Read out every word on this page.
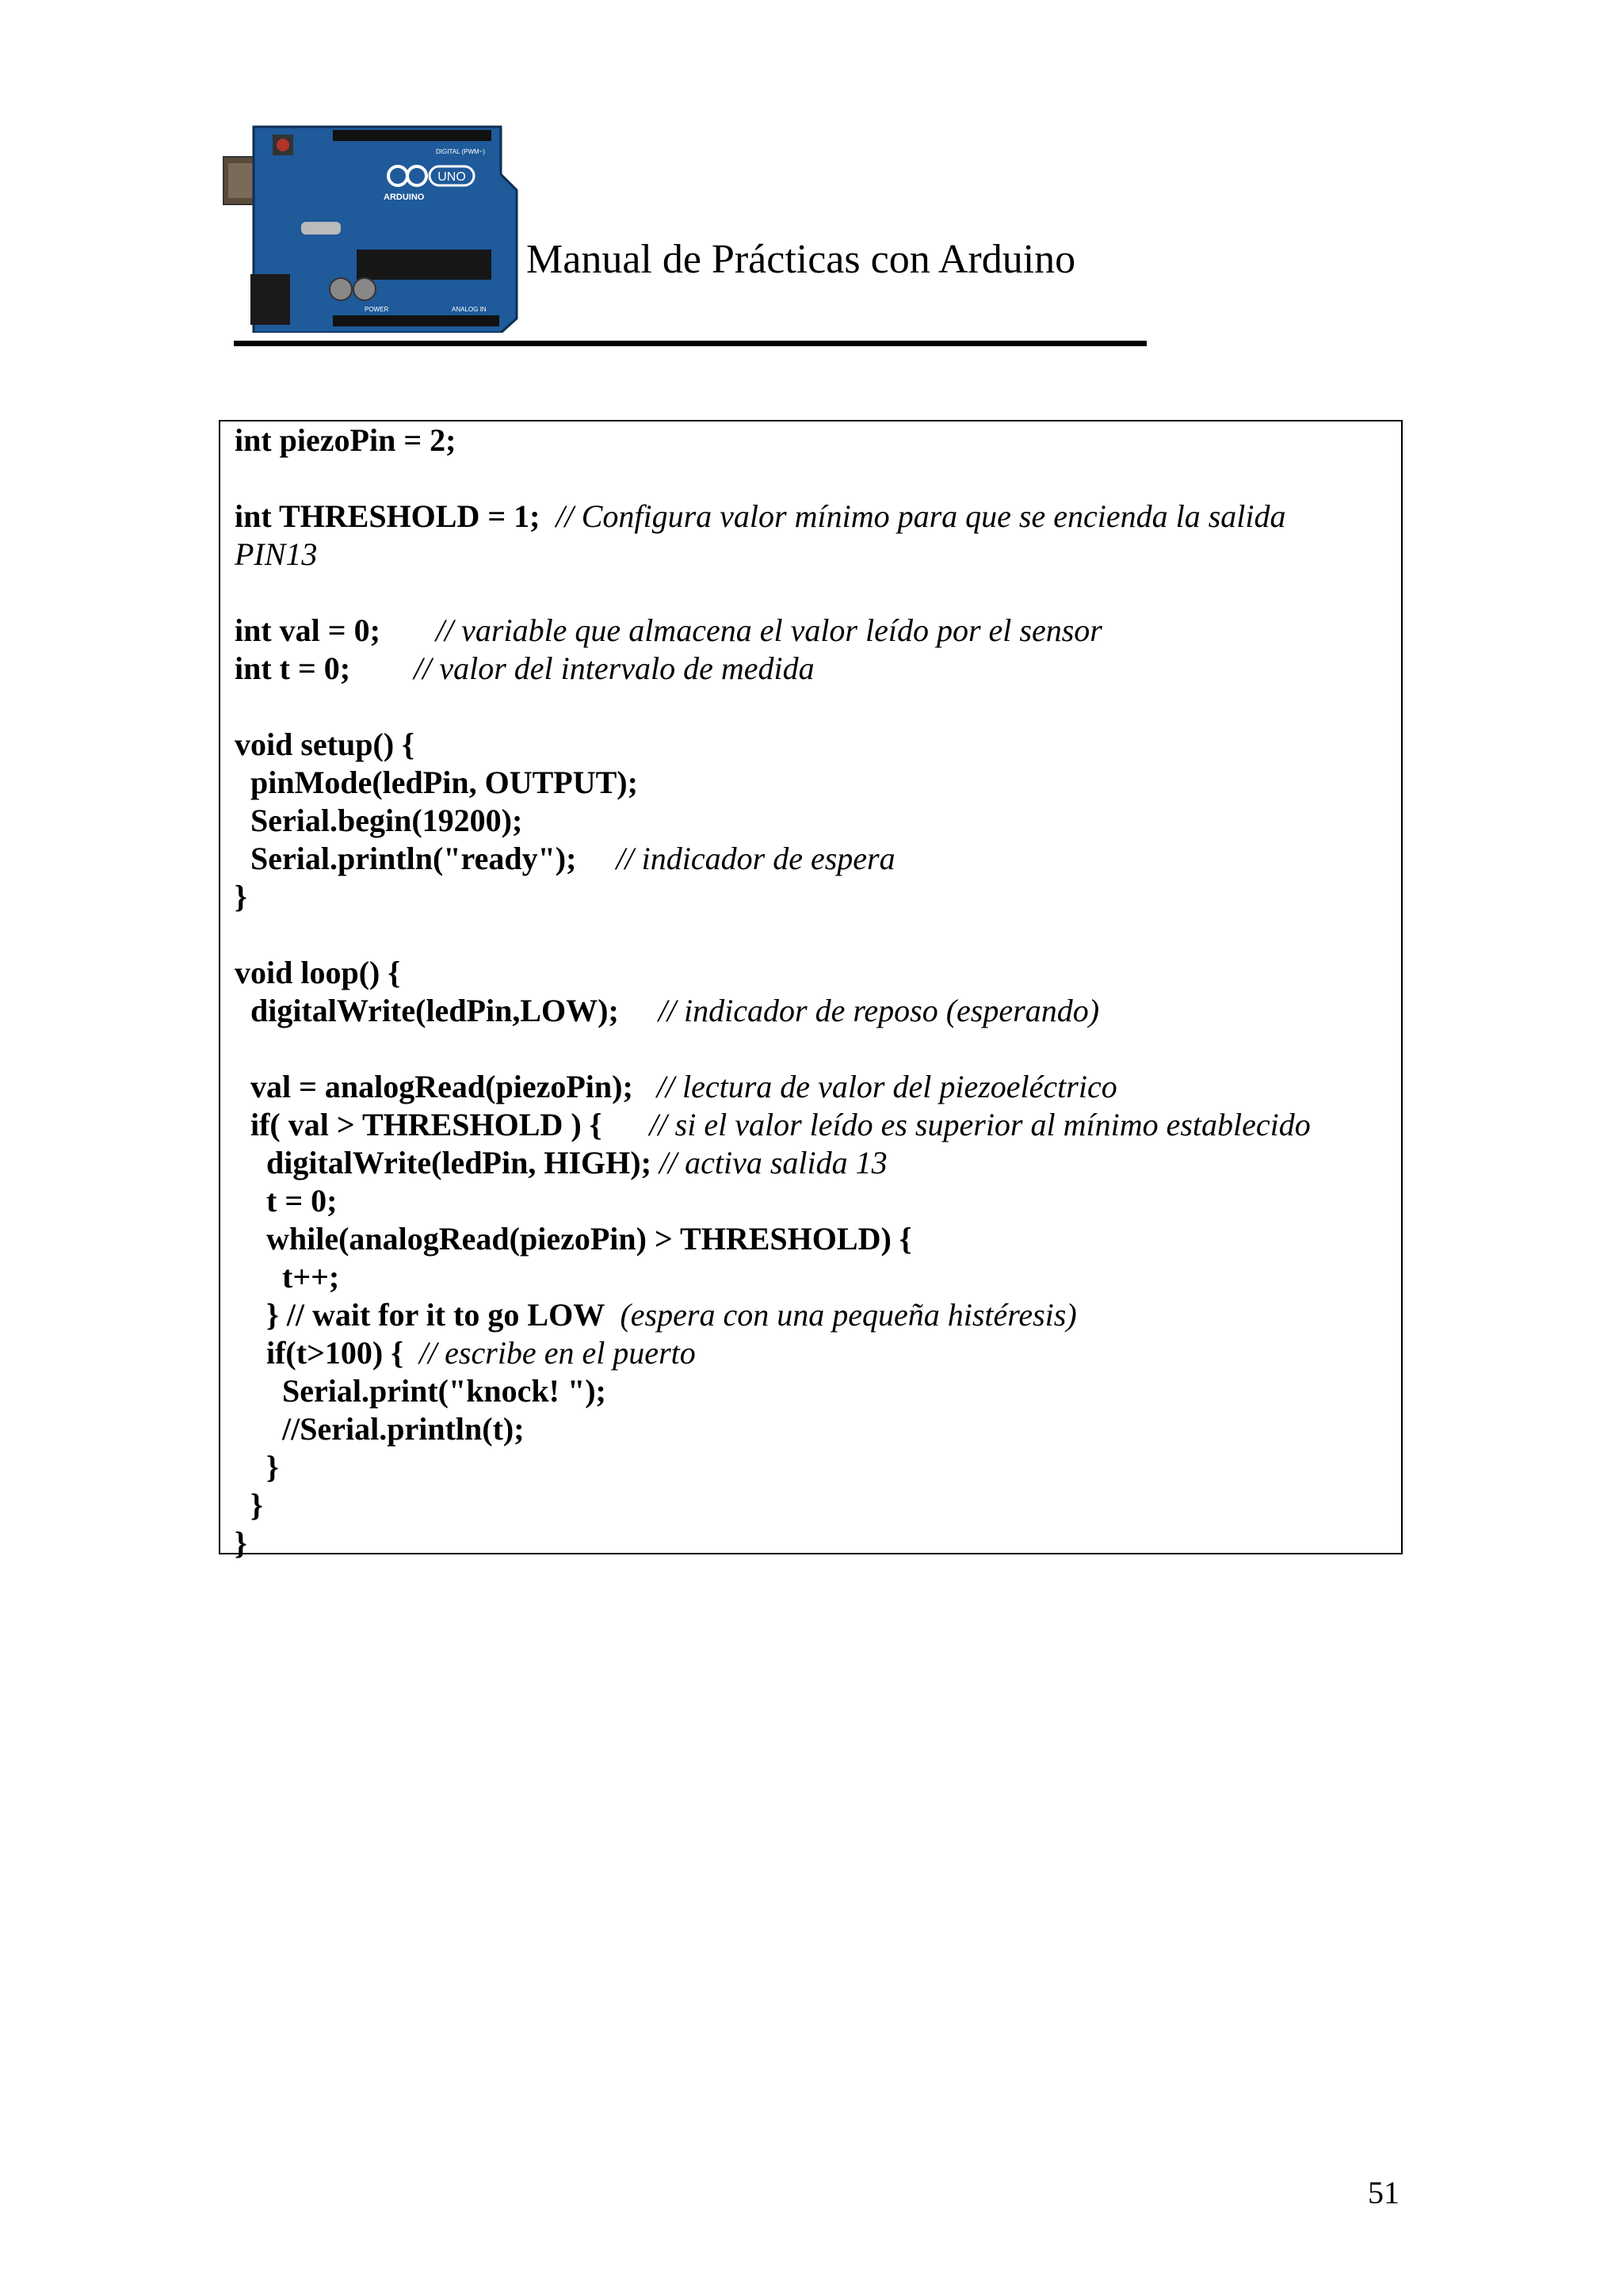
UNO
ARDUINO
DIGITAL (PWM~)
POWER	ANALOG IN
Manual de Prácticas con Arduino
int piezoPin = 2;
int THRESHOLD = 1;  // Configura valor mínimo para que se encienda la salida
PIN13
int val = 0;       // variable que almacena el valor leído por el sensor
int t = 0;        // valor del intervalo de medida
void setup() {
pinMode(ledPin, OUTPUT);
Serial.begin(19200);
Serial.println("ready");     // indicador de espera
}
void loop() {
digitalWrite(ledPin,LOW);     // indicador de reposo (esperando)
val = analogRead(piezoPin);   // lectura de valor del piezoeléctrico
if( val > THRESHOLD ) {      // si el valor leído es superior al mínimo establecido
digitalWrite(ledPin, HIGH); // activa salida 13
t = 0;
while(analogRead(piezoPin) > THRESHOLD) {
t++;
} // wait for it to go LOW  (espera con una pequeña histéresis)
if(t>100) {  // escribe en el puerto
Serial.print("knock! ");
//Serial.println(t);
}
}
}
51
